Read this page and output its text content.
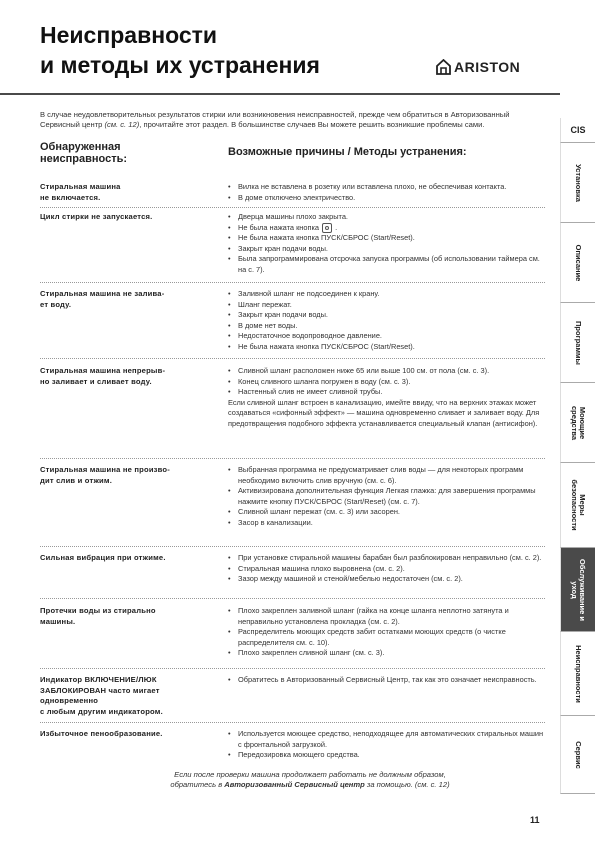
Неисправности
и методы их устранения	ARISTON
В случае неудовлетворительных результатов стирки или возникновения неисправностей, прежде чем обратиться в Авторизованный Сервисный центр (см. с. 12), прочитайте этот раздел. В большинстве случаев Вы можете решить возникшие проблемы сами.
Обнаруженная
неисправность:
Возможные причины / Методы устранения:
Стиральная машина
не включается.
• Вилка не вставлена в розетку или вставлена плохо, не обеспечивая контакта.
• В доме отключено электричество.
Цикл стирки не запускается.	• Дверца машины плохо закрыта.
• Не была нажата кнопка  .
• Не была нажата кнопка ПУСК/СБРОС (Start/Reset).
• Закрыт кран подачи воды.
• Была запрограммирована отсрочка запуска программы (об использовании таймера см. на с. 7).
Стиральная машина не залива-
ет воду.
• Заливной шланг не подсоединен к крану.
• Шланг пережат.
• Закрыт кран подачи воды.
• В доме нет воды.
• Недостаточное водопроводное давление.
• Не была нажата кнопка ПУСК/СБРОС (Start/Reset).
Стиральная машина непрерыв-
но заливает и сливает воду.
• Сливной шланг расположен ниже 65 или выше 100 см. от пола (см. с. 3).
• Конец сливного шланга погружен в воду (см. с. 3).
• Настенный слив не имеет сливной трубы.
Если сливной шланг встроен в канализацию, имейте ввиду, что на верхних этажах может создаваться «сифонный эффект» — машина одновременно сливает и заливает воду. Для предотвращения подобного эффекта устанавливается специальный клапан (антисифон).
Стиральная машина не произво-
дит слив и отжим.
• Выбранная программа не предусматривает слив воды — для некоторых программ необходимо включить слив вручную (см. с. 6).
• Активизирована дополнительная функция Легкая глажка: для завершения программы нажмите кнопку ПУСК/СБРОС (Start/Reset) (см. с. 7).
• Сливной шланг пережат (см. с. 3) или засорен.
• Засор в канализации.
Сильная вибрация при отжиме.	• При установке стиральной машины барабан был разблокирован неправильно (см. с. 2).
• Стиральная машина плохо выровнена (см. с. 2).
• Зазор между машиной и стеной/мебелью недостаточен (см. с. 2).
Протечки воды из стирально
машины.
• Плохо закреплен заливной шланг (гайка на конце шланга неплотно затянута и неправильно установлена прокладка (см. с. 2).
• Распределитель моющих средств забит остатками моющих средств (о чистке распределителя см. с. 10).
• Плохо закреплен сливной шланг (см. с. 3).
Индикатор ВКЛЮЧЕНИЕ/ЛЮК
ЗАБЛОКИРОВАН часто мигает
одновременно
с любым другим индикатором.
• Обратитесь в Авторизованный Сервисный Центр, так как это означает неисправность.
Избыточное пенообразование.	• Используется моющее средство, неподходящее для автоматических стиральных машин с фронтальной загрузкой.
• Передозировка моющего средства.
Если после проверки машина продолжает работать не должным образом,
обратитесь в Авторизованный Сервисный центр за помощью. (см. с. 12)
11
CIS
Установка
Описание
Программы
Моющие средства
Меры безопасности
Обслуживание и уход
Неисправности
Сервис
